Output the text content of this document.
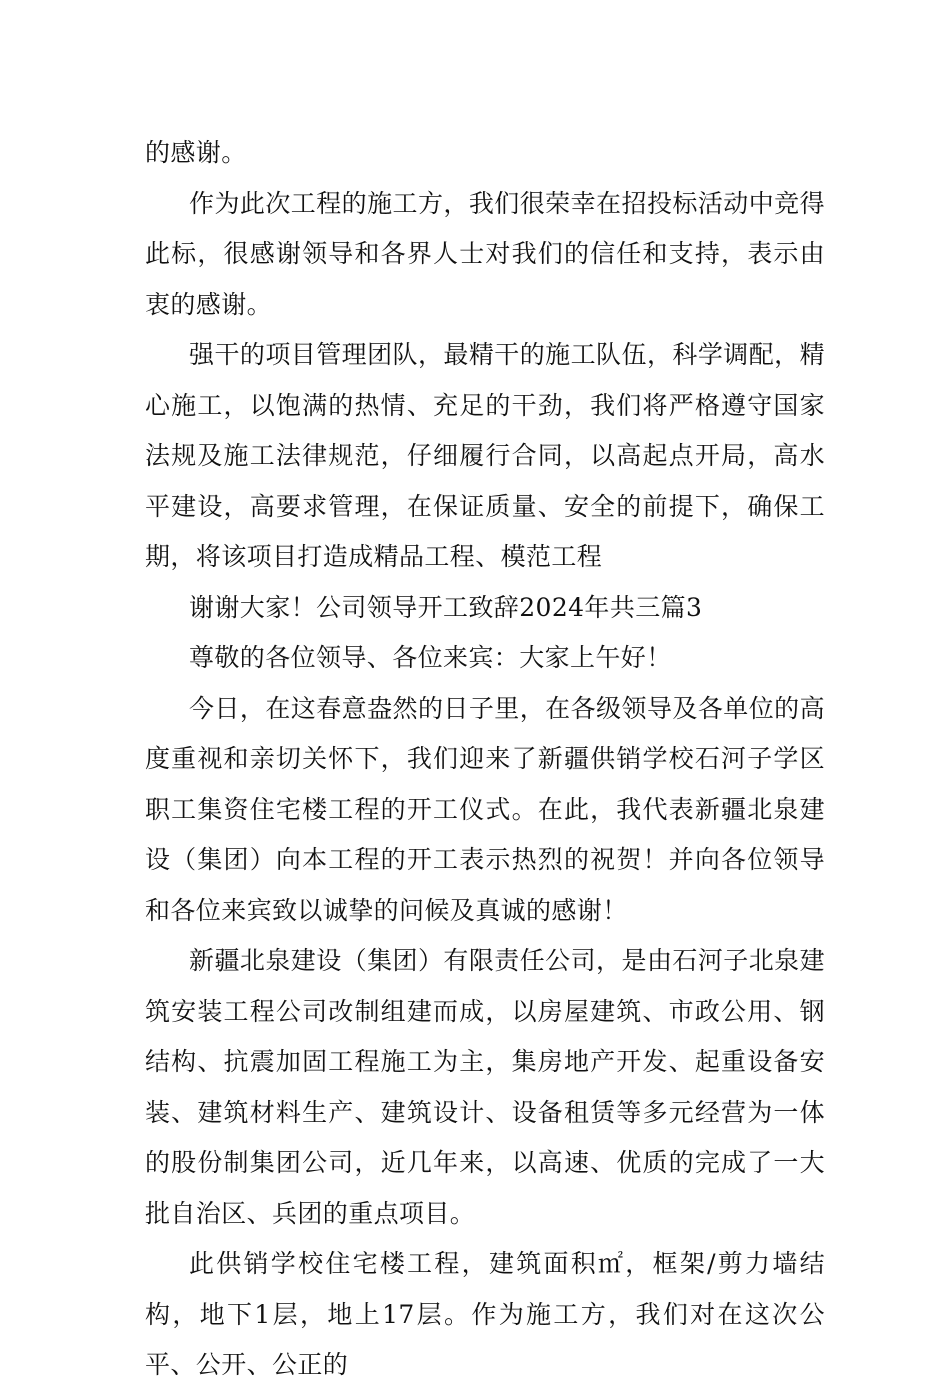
的感谢。

作为此次工程的施工方，我们很荣幸在招投标活动中竞得此标，很感谢领导和各界人士对我们的信任和支持，表示由衷的感谢。

强干的项目管理团队，最精干的施工队伍，科学调配，精心施工，以饱满的热情、充足的干劲，我们将严格遵守国家法规及施工法律规范，仔细履行合同，以高起点开局，高水平建设，高要求管理，在保证质量、安全的前提下，确保工期，将该项目打造成精品工程、模范工程

谢谢大家！公司领导开工致辞2024年共三篇3

尊敬的各位领导、各位来宾：大家上午好！

今日，在这春意盎然的日子里，在各级领导及各单位的高度重视和亲切关怀下，我们迎来了新疆供销学校石河子学区职工集资住宅楼工程的开工仪式。在此，我代表新疆北泉建设（集团）向本工程的开工表示热烈的祝贺！并向各位领导和各位来宾致以诚挚的问候及真诚的感谢！

新疆北泉建设（集团）有限责任公司，是由石河子北泉建筑安装工程公司改制组建而成，以房屋建筑、市政公用、钢结构、抗震加固工程施工为主，集房地产开发、起重设备安装、建筑材料生产、建筑设计、设备租赁等多元经营为一体的股份制集团公司，近几年来，以高速、优质的完成了一大批自治区、兵团的重点项目。

此供销学校住宅楼工程，建筑面积㎡，框架/剪力墙结构，地下1层，地上17层。作为施工方，我们对在这次公平、公开、公正的
